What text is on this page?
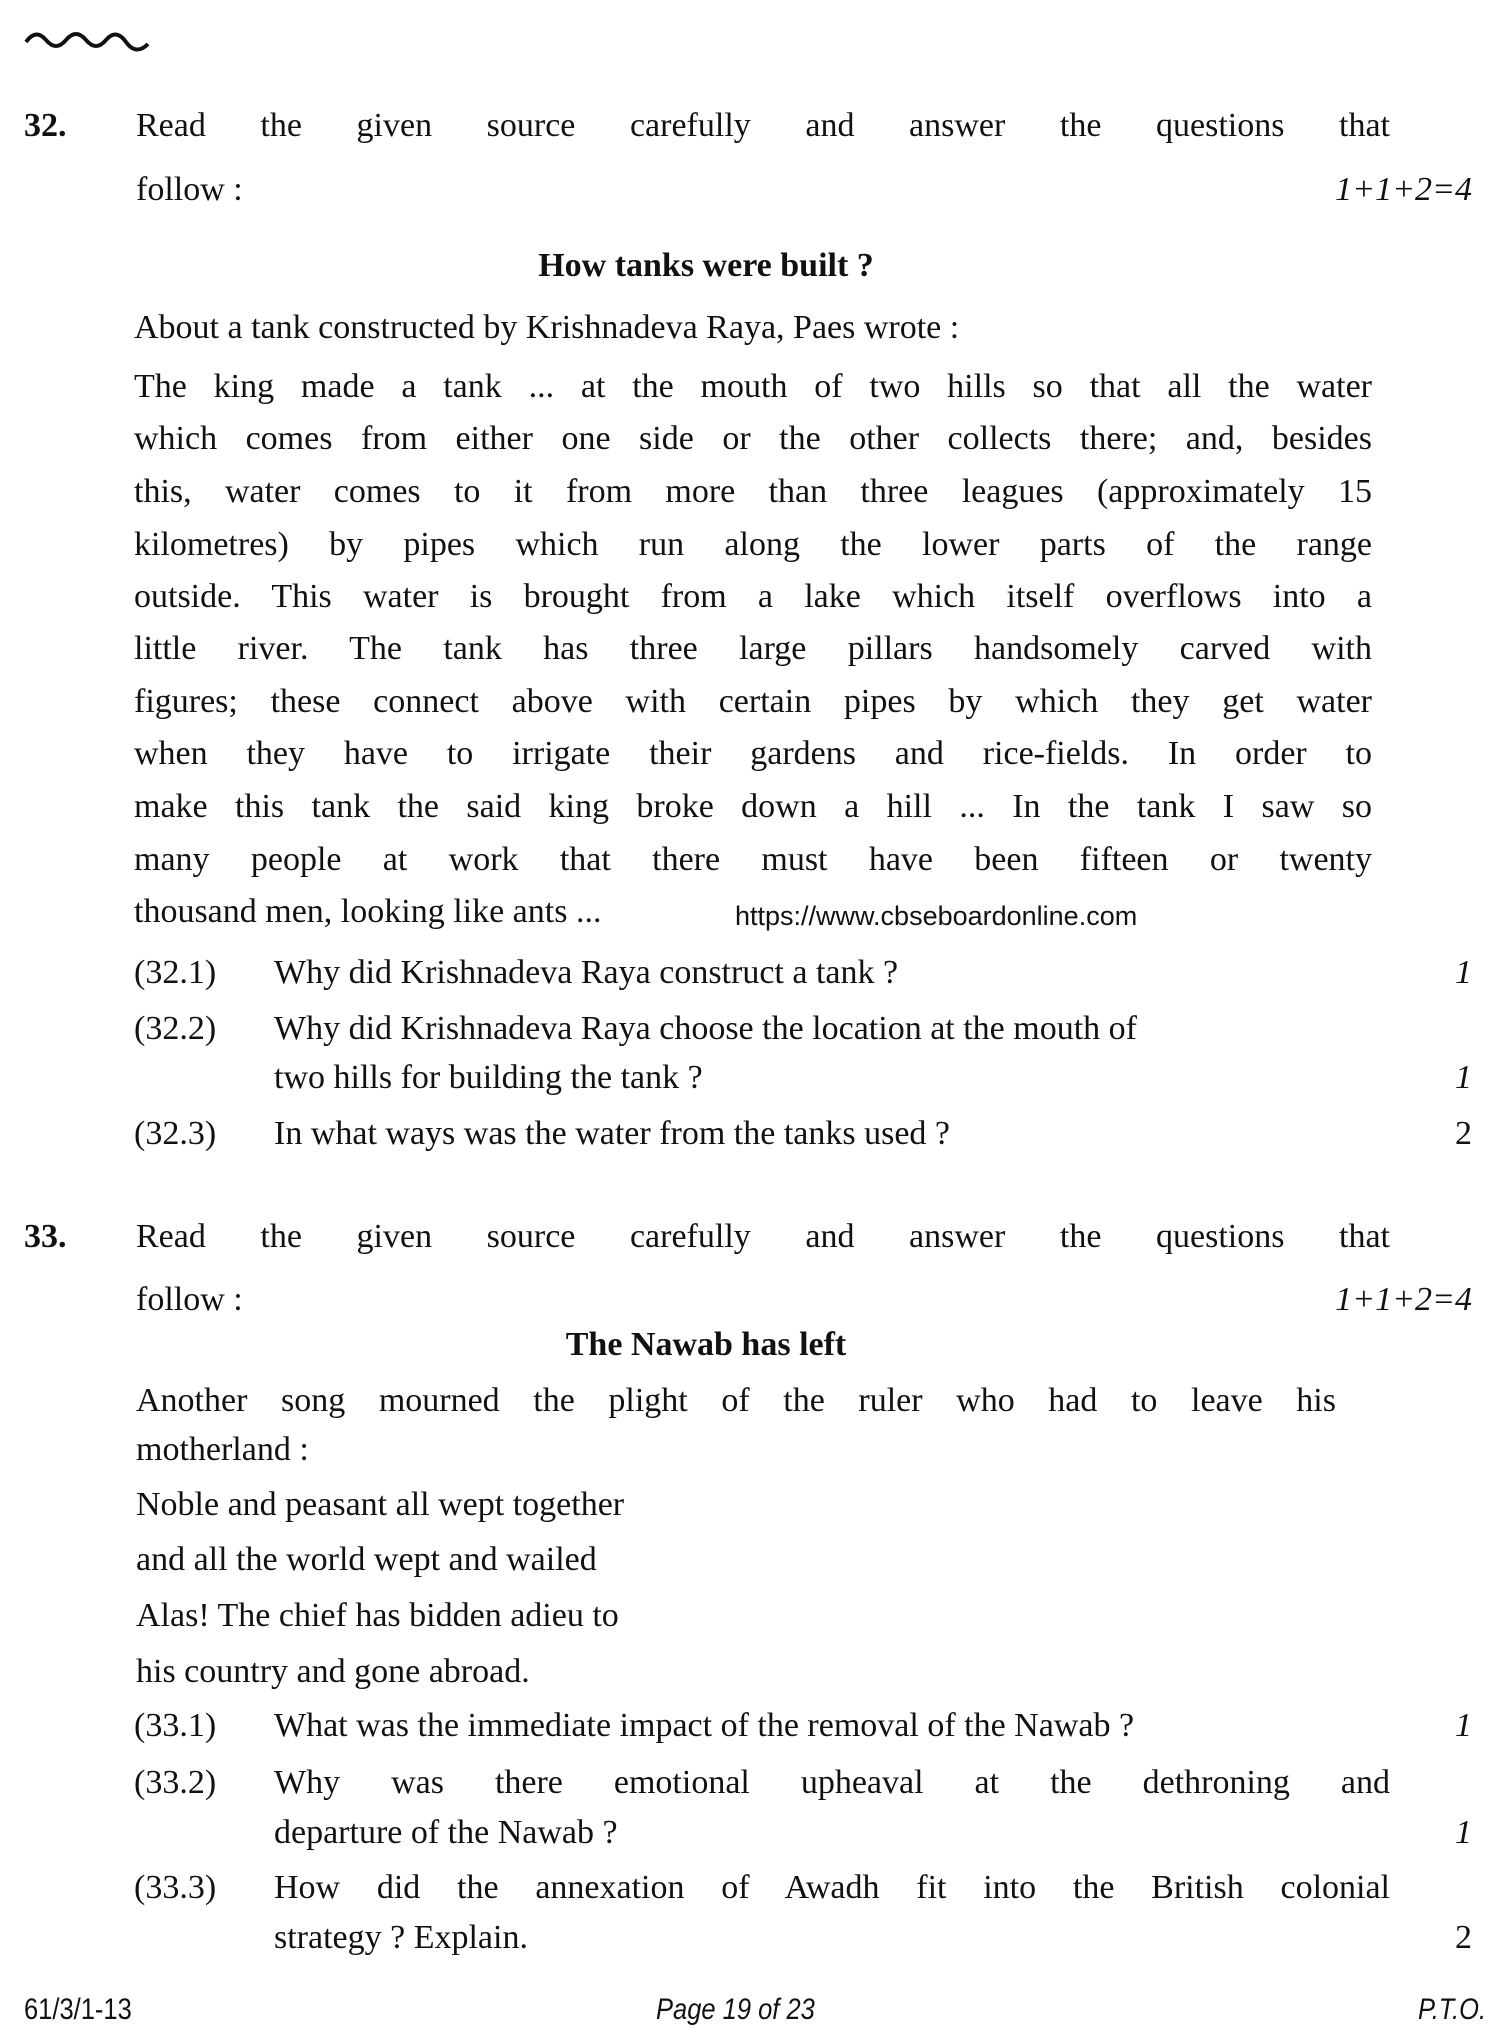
32. Read the given source carefully and answer the questions that
follow :	1+1+2=4
How tanks were built ?
About a tank constructed by Krishnadeva Raya, Paes wrote :
The king made a tank ... at the mouth of two hills so that all the water
which comes from either one side or the other collects there; and, besides
this, water comes to it from more than three leagues (approximately 15
kilometres) by pipes which run along the lower parts of the range
outside. This water is brought from a lake which itself overflows into a
little river. The tank has three large pillars handsomely carved with
figures; these connect above with certain pipes by which they get water
when they have to irrigate their gardens and rice-fields. In order to
make this tank the said king broke down a hill ... In the tank I saw so
many people at work that there must have been fifteen or twenty
thousand men, looking like ants ...	https://www.cbseboardonline.com
(32.1) Why did Krishnadeva Raya construct a tank ?	1
(32.2) Why did Krishnadeva Raya choose the location at the mouth of
two hills for building the tank ?	1
(32.3) In what ways was the water from the tanks used ?	2
33. Read the given source carefully and answer the questions that
follow :	1+1+2=4
The Nawab has left
Another song mourned the plight of the ruler who had to leave his
motherland :
Noble and peasant all wept together
and all the world wept and wailed
Alas! The chief has bidden adieu to
his country and gone abroad.
(33.1) What was the immediate impact of the removal of the Nawab ?	1
(33.2) Why was there emotional upheaval at the dethroning and
departure of the Nawab ?	1
(33.3) How did the annexation of Awadh fit into the British colonial
strategy ? Explain.	2
61/3/1-13	Page 19 of 23	P.T.O.
